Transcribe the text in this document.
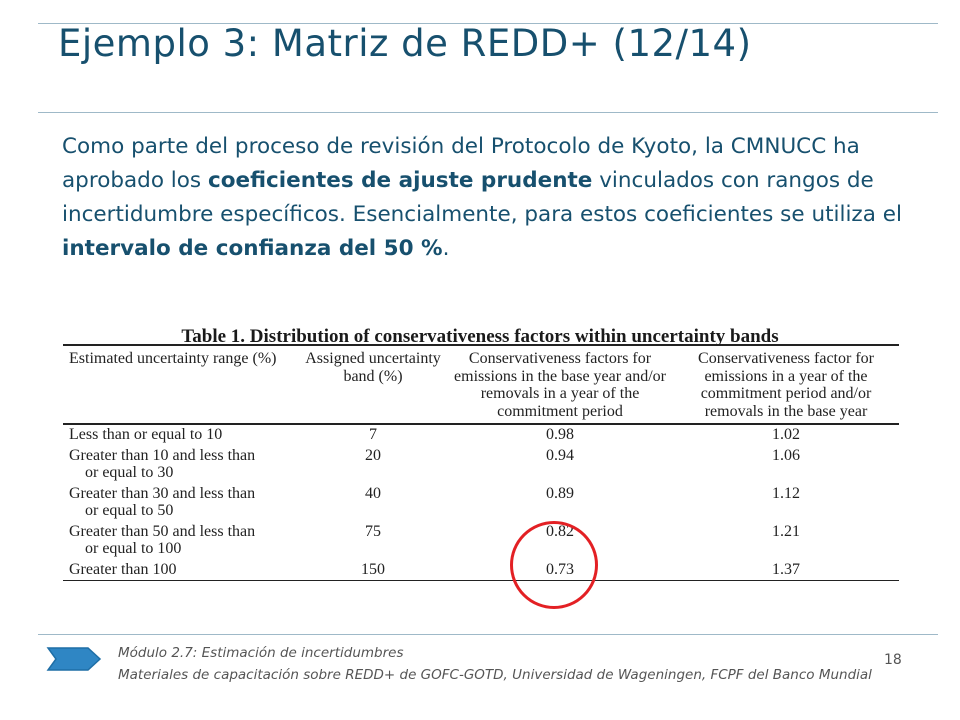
Ejemplo 3: Matriz de REDD+ (12/14)
Como parte del proceso de revisión del Protocolo de Kyoto, la CMNUCC ha aprobado los coeficientes de ajuste prudente vinculados con rangos de incertidumbre específicos. Esencialmente, para estos coeficientes se utiliza el intervalo de confianza del 50 %.
Table 1. Distribution of conservativeness factors within uncertainty bands
Estimated uncertainty range (%)	Assigned uncertainty band (%)	Conservativeness factors for emissions in the base year and/or removals in a year of the commitment period	Conservativeness factor for emissions in a year of the commitment period and/or removals in the base year
Less than or equal to 10	7	0.98	1.02
Greater than 10 and less than
or equal to 30	20	0.94	1.06
Greater than 30 and less than
or equal to 50	40	0.89	1.12
Greater than 50 and less than
or equal to 100	75	0.82	1.21
Greater than 100	150	0.73	1.37
Módulo 2.7: Estimación de incertidumbres
Materiales de capacitación sobre REDD+ de GOFC-GOTD, Universidad de Wageningen, FCPF del Banco Mundial
18
